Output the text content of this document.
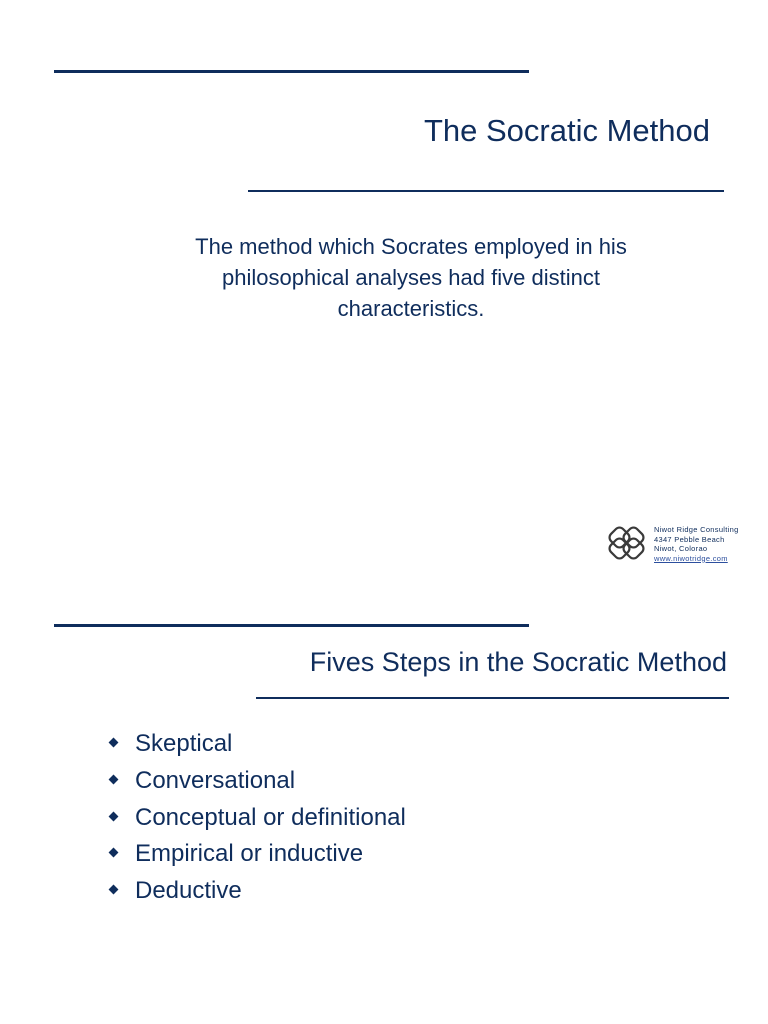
The Socratic Method
The method which Socrates employed in his
philosophical analyses had five distinct
characteristics.
Niwot Ridge Consulting
4347 Pebble Beach
Niwot, Colorao
www.niwotridge.com
Fives Steps in the Socratic Method
Skeptical
Conversational
Conceptual or definitional
Empirical or inductive
Deductive
